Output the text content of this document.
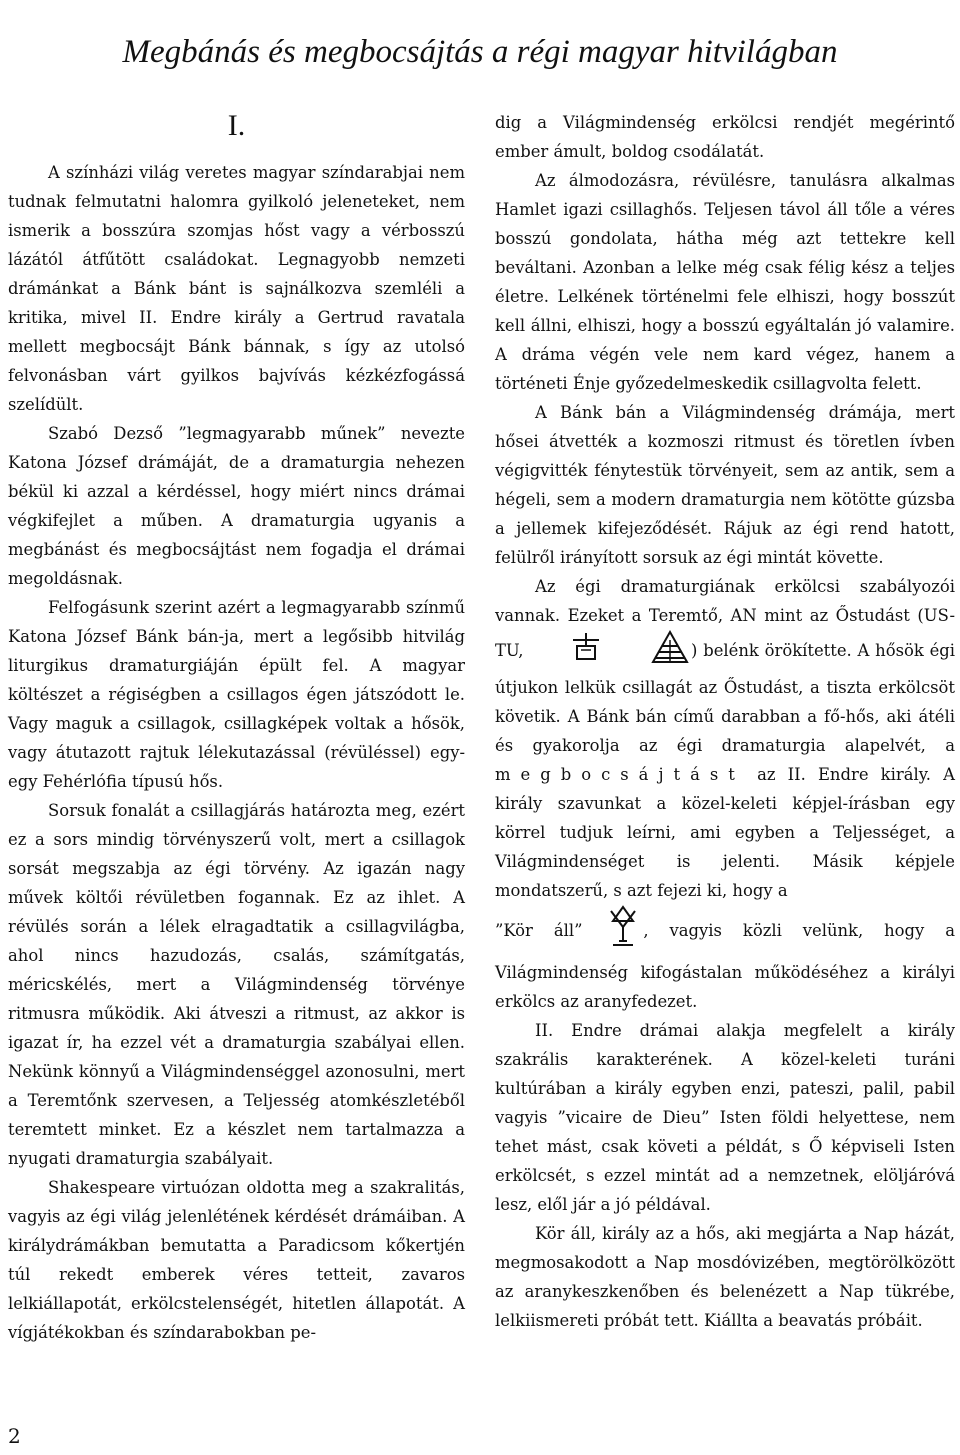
Megbánás és megbocsájtás a régi magyar hitvilágban
I.

A színházi világ veretes magyar színdarabjai nem tudnak felmutatni halomra gyilkoló jeleneteket, nem ismerik a bosszúra szomjas hőst vagy a vérbosszú lázától átfűtött családokat. Legnagyobb nemzeti drámánkat a Bánk bánt is sajnálkozva szemléli a kritika, mivel II. Endre király a Gertrud ravatala mellett megbocsájt Bánk bánnak, s így az utolsó felvonásban várt gyilkos bajvívás kézkézfogássá szelídült.

Szabó Dezső ”legmagyarabb műnek” nevezte Katona József drámáját, de a dramaturgia nehezen békül ki azzal a kérdéssel, hogy miért nincs drámai végkifejlet a műben. A dramaturgia ugyanis a megbánást és megbocsájtást nem fogadja el drámai megoldásnak.

Felfogásunk szerint azért a legmagyarabb színmű Katona József Bánk bán-ja, mert a legősibb hitvilág liturgikus dramaturgiáján épült fel. A magyar költészet a régiségben a csillagos égen játszódott le. Vagy maguk a csillagok, csillagképek voltak a hősök, vagy átutazott rajtuk lélekutazással (révüléssel) egy-egy Fehérlófia típusú hős.

Sorsuk fonalát a csillagjárás határozta meg, ezért ez a sors mindig törvényszerű volt, mert a csillagok sorsát megszabja az égi törvény. Az igazán nagy művek költői révületben fogannak. Ez az ihlet. A révülés során a lélek elragadtatik a csillagvilágba, ahol nincs hazudozás, csalás, számítgatás, méricskélés, mert a Világmindenség törvénye ritmusra működik. Aki átveszi a ritmust, az akkor is igazat ír, ha ezzel vét a dramaturgia szabályai ellen. Nekünk könnyű a Világmindenséggel azonosulni, mert a Teremtőnk szervesen, a Teljesség atomkészletéből teremtett minket. Ez a készlet nem tartalmazza a nyugati dramaturgia szabályait.

Shakespeare virtuózan oldotta meg a szakralitás, vagyis az égi világ jelenlétének kérdését drámáiban. A királydrámákban bemutatta a Paradicsom kőkertjén túl rekedt emberek véres tetteit, zavaros lelkiállapotát, erkölcstelenségét, hitetlen állapotát. A vígjátékokban és színdarabokban pe-

dig a Világmindenség erkölcsi rendjét megérintő ember ámult, boldog csodálatát.

Az álmodozásra, révülésre, tanulásra alkalmas Hamlet igazi csillaghős. Teljesen távol áll tőle a véres bosszú gondolata, hátha még azt tettekre kell beváltani. Azonban a lelke még csak félig kész a teljes életre. Lelkének történelmi fele elhiszi, hogy bosszút kell állni, elhiszi, hogy a bosszú egyáltalán jó valamire. A dráma végén vele nem kard végez, hanem a történeti Énje győzedelmeskedik csillagvolta felett.

A Bánk bán a Világmindenség drámája, mert hősei átvették a kozmoszi ritmust és töretlen ívben végigvitték fénytestük törvényeit, sem az antik, sem a hégeli, sem a modern dramaturgia nem kötötte gúzsba a jellemek kifejeződését. Rájuk az égi rend hatott, felülről irányított sorsuk az égi mintát követte.

Az égi dramaturgiának erkölcsi szabályozói vannak. Ezeket a Teremtő, AN mint az Őstudást (US-TU,	) belénk örökítette. A hősök égi útjukon lelkük csillagát az Őstudást, a tiszta erkölcsöt követik. A Bánk bán című darabban a fő-hős, aki átéli és gyakorolja az égi dramaturgia alapelvét, a megbocsájtást az II. Endre király. A király szavunkat a közel-keleti képjel-írásban egy körrel tudjuk leírni, ami egyben a Teljességet, a Világmindenséget is jelenti. Másik képjele mondatszerű, s azt fejezi ki, hogy a

”Kör áll”	, vagyis közli velünk, hogy a Világmindenség kifogástalan működéséhez a királyi erkölcs az aranyfedezet.

II. Endre drámai alakja megfelelt a király szakrális karakterének. A közel-keleti turáni kultúrában a király egyben enzi, pateszi, palil, pabil vagyis ”vicaire de Dieu” Isten földi helyettese, nem tehet mást, csak követi a példát, s Ő képviseli Isten erkölcsét, s ezzel mintát ad a nemzetnek, elöljáróvá lesz, elől jár a jó példával.

Kör áll, király az a hős, aki megjárta a Nap házát, megmosakodott a Nap mosdóvizében, megtörölközött az aranykeszkenőben és belenézett a Nap tükrébe, lelkiismereti próbát tett. Kiállta a beavatás próbáit.

2
